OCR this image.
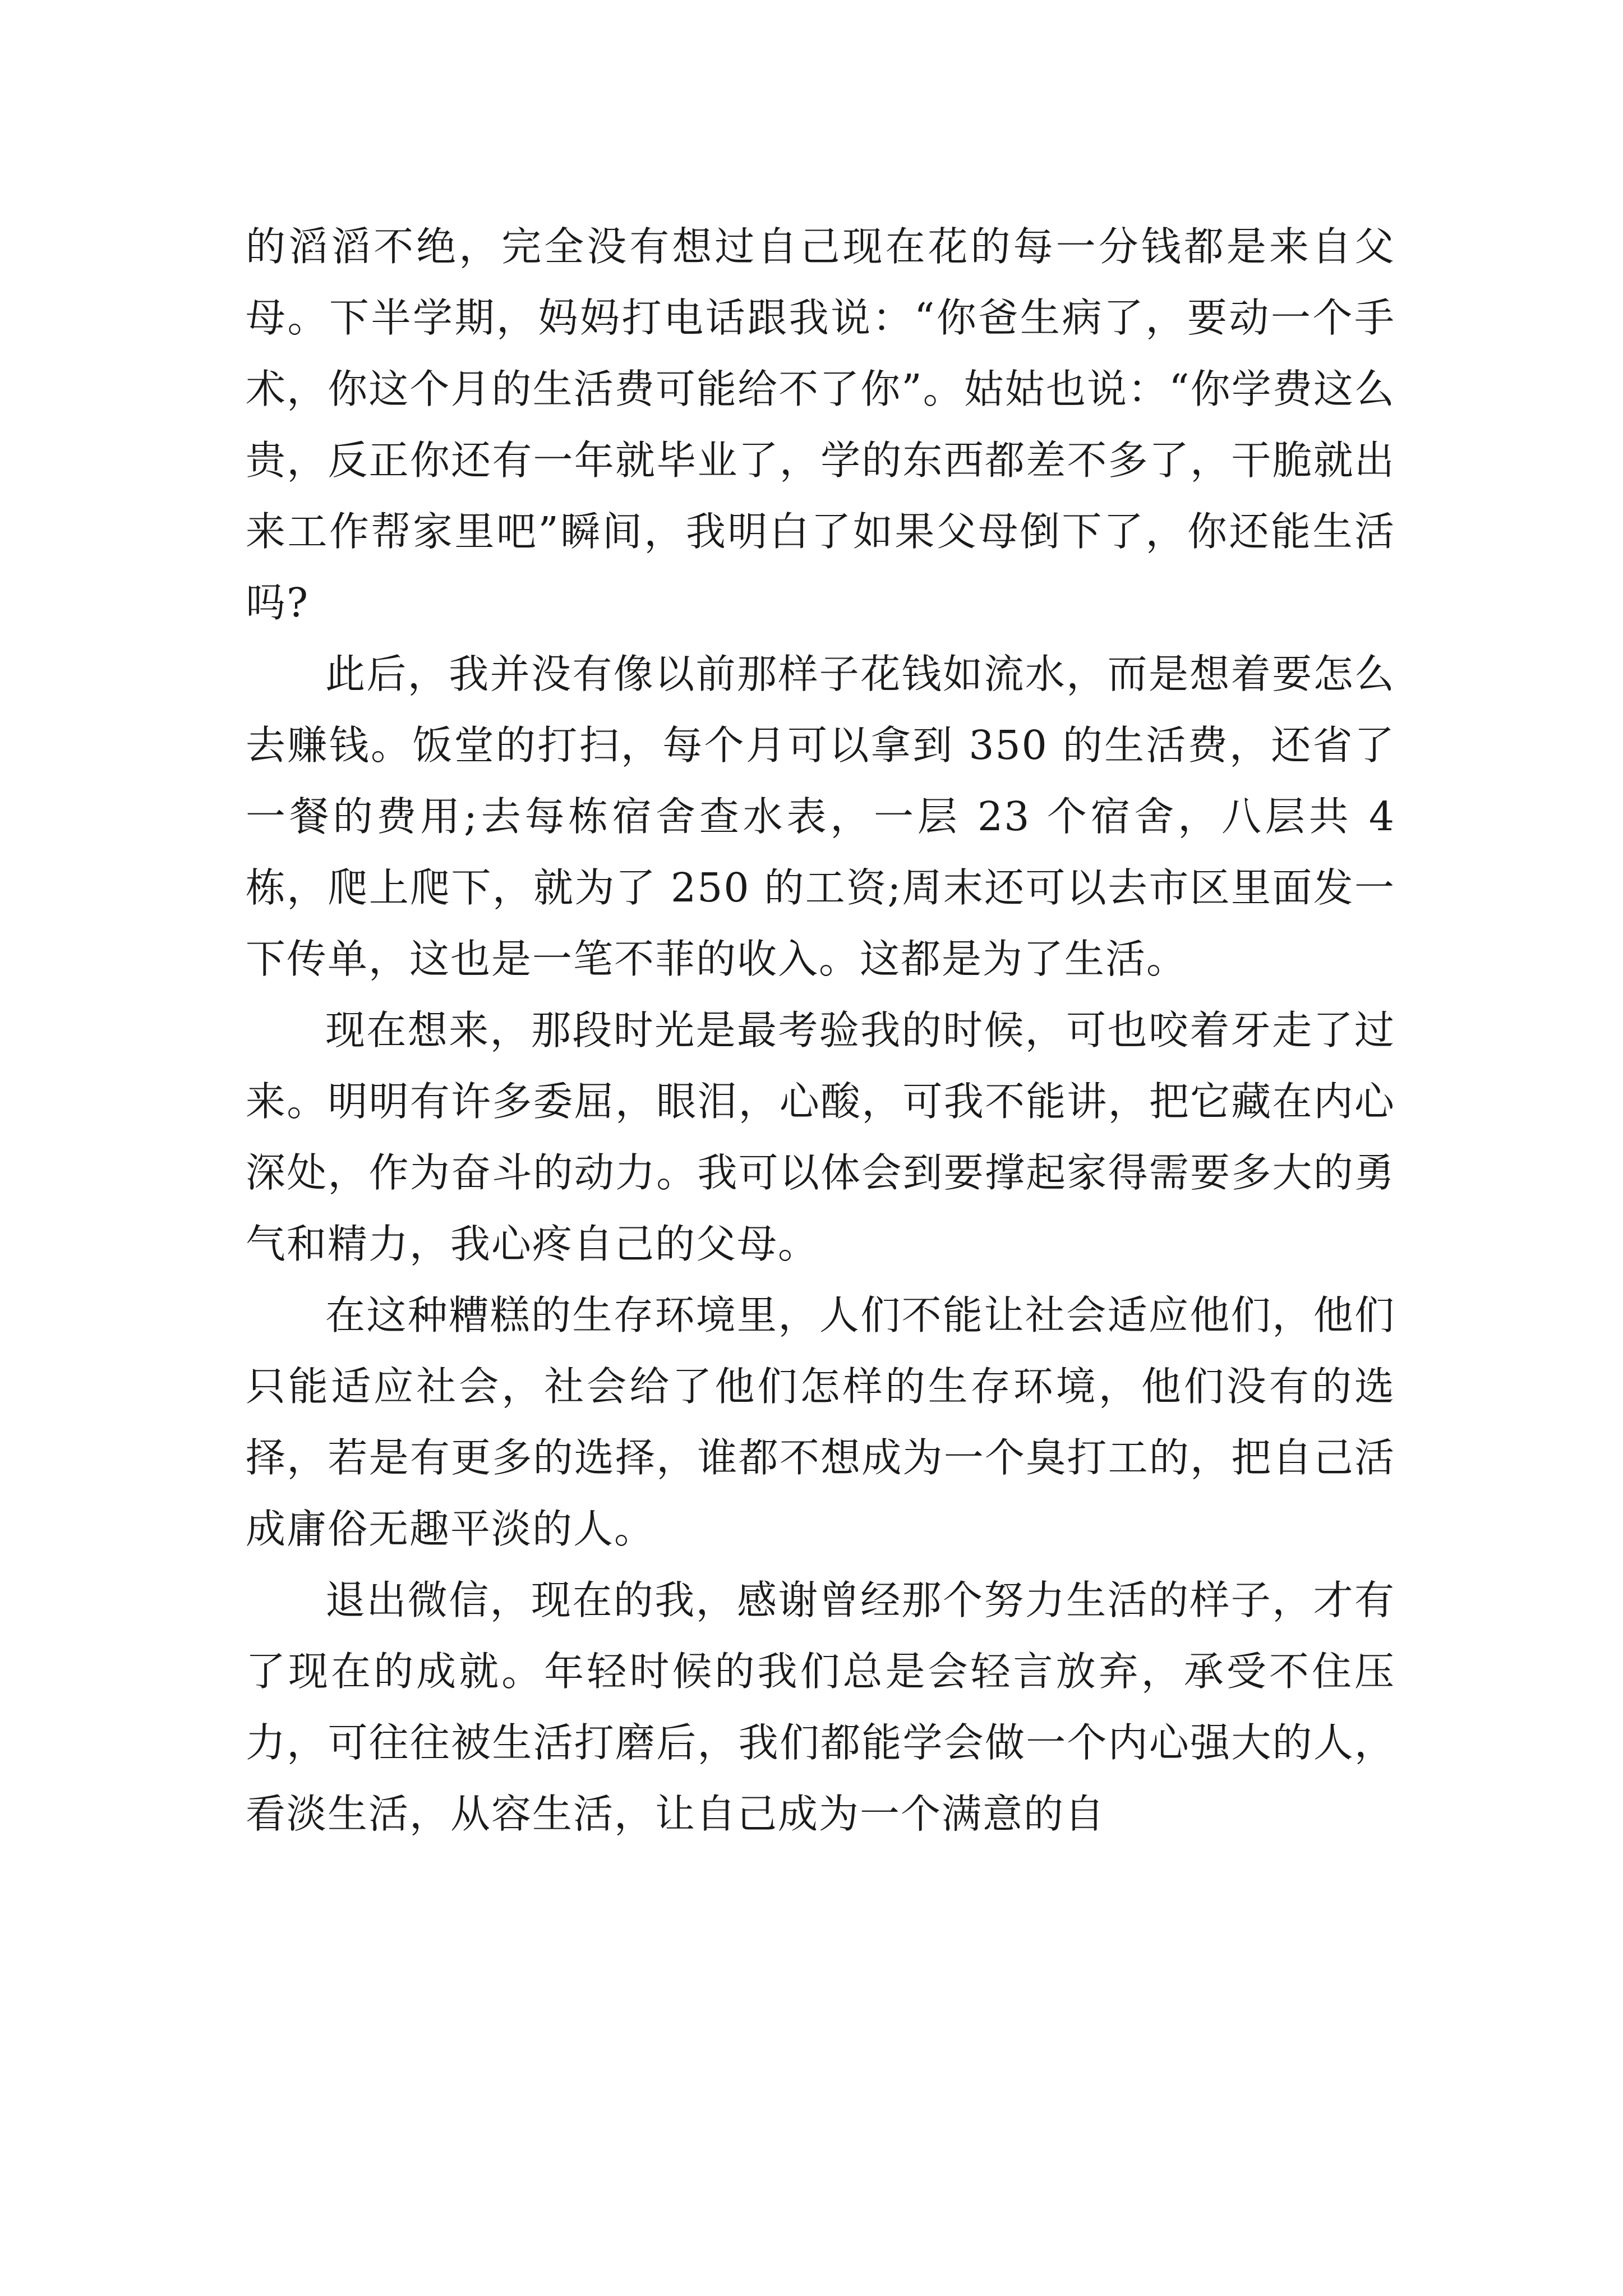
的滔滔不绝，完全没有想过自己现在花的每一分钱都是来自父母。下半学期，妈妈打电话跟我说：“你爸生病了，要动一个手术，你这个月的生活费可能给不了你”。姑姑也说：“你学费这么贵，反正你还有一年就毕业了，学的东西都差不多了，干脆就出来工作帮家里吧”瞬间，我明白了如果父母倒下了，你还能生活吗?

此后，我并没有像以前那样子花钱如流水，而是想着要怎么去赚钱。饭堂的打扫，每个月可以拿到 350 的生活费，还省了一餐的费用;去每栋宿舍查水表，一层 23 个宿舍，八层共 4 栋，爬上爬下，就为了 250 的工资;周末还可以去市区里面发一下传单，这也是一笔不菲的收入。这都是为了生活。

现在想来，那段时光是最考验我的时候，可也咬着牙走了过来。明明有许多委屈，眼泪，心酸，可我不能讲，把它藏在内心深处，作为奋斗的动力。我可以体会到要撑起家得需要多大的勇气和精力，我心疼自己的父母。

在这种糟糕的生存环境里，人们不能让社会适应他们，他们只能适应社会，社会给了他们怎样的生存环境，他们没有的选择，若是有更多的选择，谁都不想成为一个臭打工的，把自己活成庸俗无趣平淡的人。

退出微信，现在的我，感谢曾经那个努力生活的样子，才有了现在的成就。年轻时候的我们总是会轻言放弃，承受不住压力，可往往被生活打磨后，我们都能学会做一个内心强大的人，看淡生活，从容生活，让自己成为一个满意的自
